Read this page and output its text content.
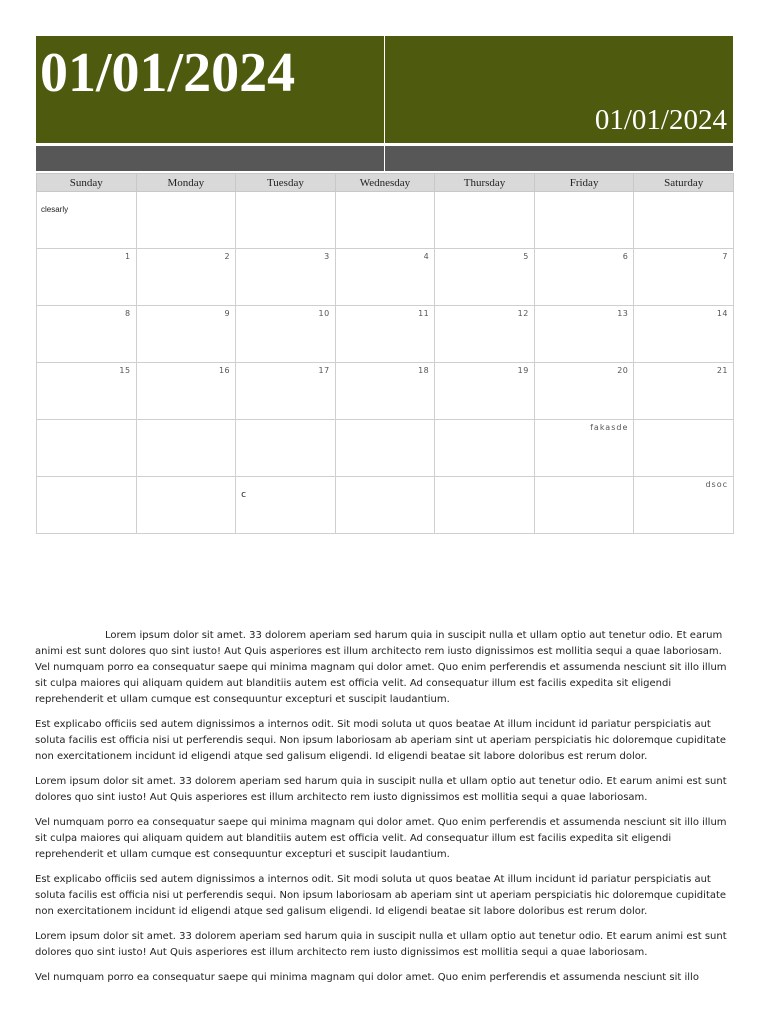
01/01/2024
01/01/2024
Sunday	Monday	Tuesday	Wednesday	Thursday	Friday	Saturday

clesarly						

1	2	3	4	5	6	7

8	9	10	11	12	13	14

15	16	17	18	19	20	21

					fakasde	

		c				dsoc

Lorem ipsum dolor sit amet. 33 dolorem aperiam sed harum quia in suscipit nulla et ullam optio aut tenetur odio. Et earum animi est sunt dolores quo sint iusto! Aut Quis asperiores est illum architecto rem iusto dignissimos est mollitia sequi a quae laboriosam.

Vel numquam porro ea consequatur saepe qui minima magnam qui dolor amet. Quo enim perferendis et assumenda nesciunt sit illo illum sit culpa maiores qui aliquam quidem aut blanditiis autem est officia velit. Ad consequatur illum est facilis expedita sit eligendi reprehenderit et ullam cumque est consequuntur excepturi et suscipit laudantium.

Est explicabo officiis sed autem dignissimos a internos odit. Sit modi soluta ut quos beatae At illum incidunt id pariatur perspiciatis aut soluta facilis est officia nisi ut perferendis sequi. Non ipsum laboriosam ab aperiam sint ut aperiam perspiciatis hic doloremque cupiditate non exercitationem incidunt id eligendi atque sed galisum eligendi. Id eligendi beatae sit labore doloribus est rerum dolor.

Lorem ipsum dolor sit amet. 33 dolorem aperiam sed harum quia in suscipit nulla et ullam optio aut tenetur odio. Et earum animi est sunt dolores quo sint iusto! Aut Quis asperiores est illum architecto rem iusto dignissimos est mollitia sequi a quae laboriosam.

Vel numquam porro ea consequatur saepe qui minima magnam qui dolor amet. Quo enim perferendis et assumenda nesciunt sit illo illum sit culpa maiores qui aliquam quidem aut blanditiis autem est officia velit. Ad consequatur illum est facilis expedita sit eligendi reprehenderit et ullam cumque est consequuntur excepturi et suscipit laudantium.

Est explicabo officiis sed autem dignissimos a internos odit. Sit modi soluta ut quos beatae At illum incidunt id pariatur perspiciatis aut soluta facilis est officia nisi ut perferendis sequi. Non ipsum laboriosam ab aperiam sint ut aperiam perspiciatis hic doloremque cupiditate non exercitationem incidunt id eligendi atque sed galisum eligendi. Id eligendi beatae sit labore doloribus est rerum dolor.

Lorem ipsum dolor sit amet. 33 dolorem aperiam sed harum quia in suscipit nulla et ullam optio aut tenetur odio. Et earum animi est sunt dolores quo sint iusto! Aut Quis asperiores est illum architecto rem iusto dignissimos est mollitia sequi a quae laboriosam.

Vel numquam porro ea consequatur saepe qui minima magnam qui dolor amet. Quo enim perferendis et assumenda nesciunt sit illo
